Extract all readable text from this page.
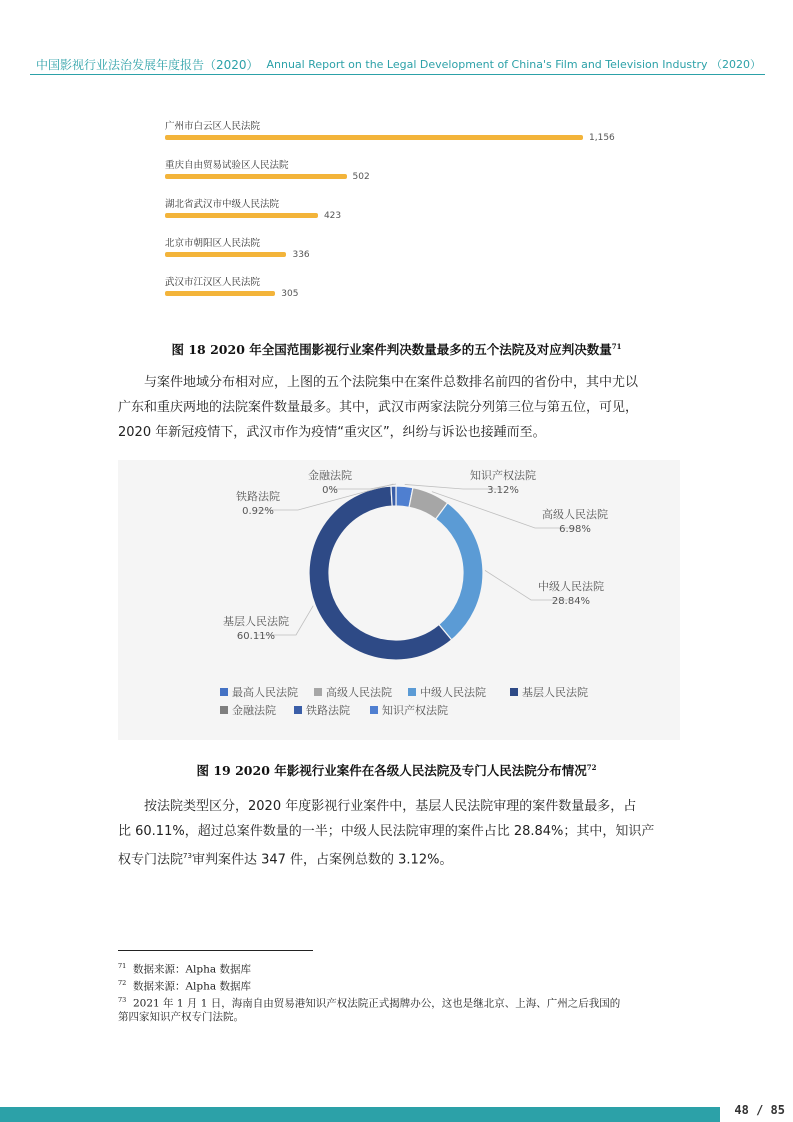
中国影视行业法治发展年度报告（2020） Annual Report on the Legal Development of China's Film and Television Industry （2020）
广州市白云区人民法院
1,156
重庆自由贸易试验区人民法院
502
湖北省武汉市中级人民法院
423
北京市朝阳区人民法院
336
武汉市江汉区人民法院
305
图 18 2020 年全国范围影视行业案件判决数量最多的五个法院及对应判决数量$^{71}$
与案件地域分布相对应，上图的五个法院集中在案件总数排名前四的省份中，其中尤以
广东和重庆两地的法院案件数量最多。其中，武汉市两家法院分列第三位与第五位，可见，
2020 年新冠疫情下，武汉市作为疫情“重灾区”，纠纷与诉讼也接踵而至。
高级人民法院
6.98%
中级人民法院
28.84%
基层人民法院
60.11%
金融法院
0%
铁路法院
0.92%
知识产权法院
3.12%
最高人民法院	高级人民法院	中级人民法院	基层人民法院
金融法院	铁路法院	知识产权法院
图 19 2020 年影视行业案件在各级人民法院及专门人民法院分布情况$^{72}$
按法院类型区分，2020 年度影视行业案件中，基层人民法院审理的案件数量最多，占
比 60.11%，超过总案件数量的一半；中级人民法院审理的案件占比 28.84%；其中，知识产
权专门法院$^{73}$审判案件达 347 件，占案例总数的 3.12%。
$^{71}$ 数据来源：Alpha 数据库
$^{72}$ 数据来源：Alpha 数据库
$^{73}$ 2021 年 1 月 1 日，海南自由贸易港知识产权法院正式揭牌办公，这也是继北京、上海、广州之后我国的
第四家知识产权专门法院。
48 / 85
